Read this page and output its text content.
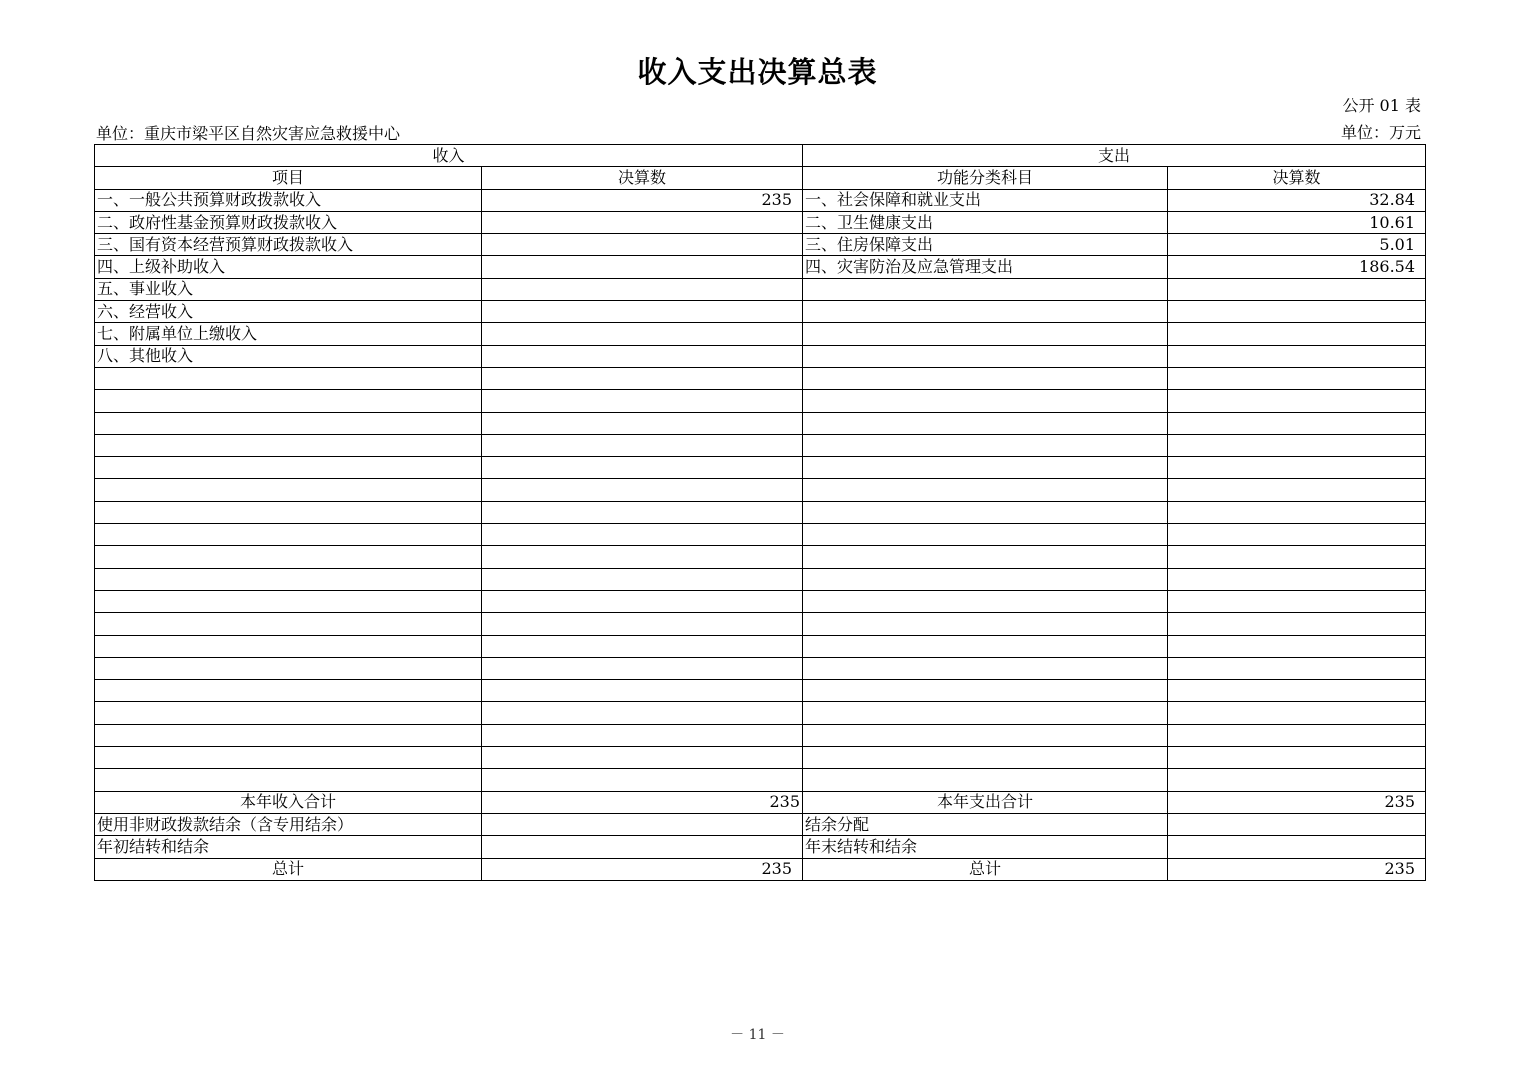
收入支出决算总表
公开 01 表
单位：重庆市梁平区自然灾害应急救援中心	单位：万元
收入		支出	
项目	决算数	功能分类科目	决算数
一、一般公共预算财政拨款收入	235	一、社会保障和就业支出	32.84
二、政府性基金预算财政拨款收入		二、卫生健康支出	10.61
三、国有资本经营预算财政拨款收入		三、住房保障支出	5.01
四、上级补助收入		四、灾害防治及应急管理支出	186.54
五、事业收入			
六、经营收入			
七、附属单位上缴收入			
八、其他收入			

本年收入合计	235	本年支出合计	235
使用非财政拨款结余（含专用结余）		结余分配	
年初结转和结余		年末结转和结余	
总计	235	总计	235
－ 11 －
